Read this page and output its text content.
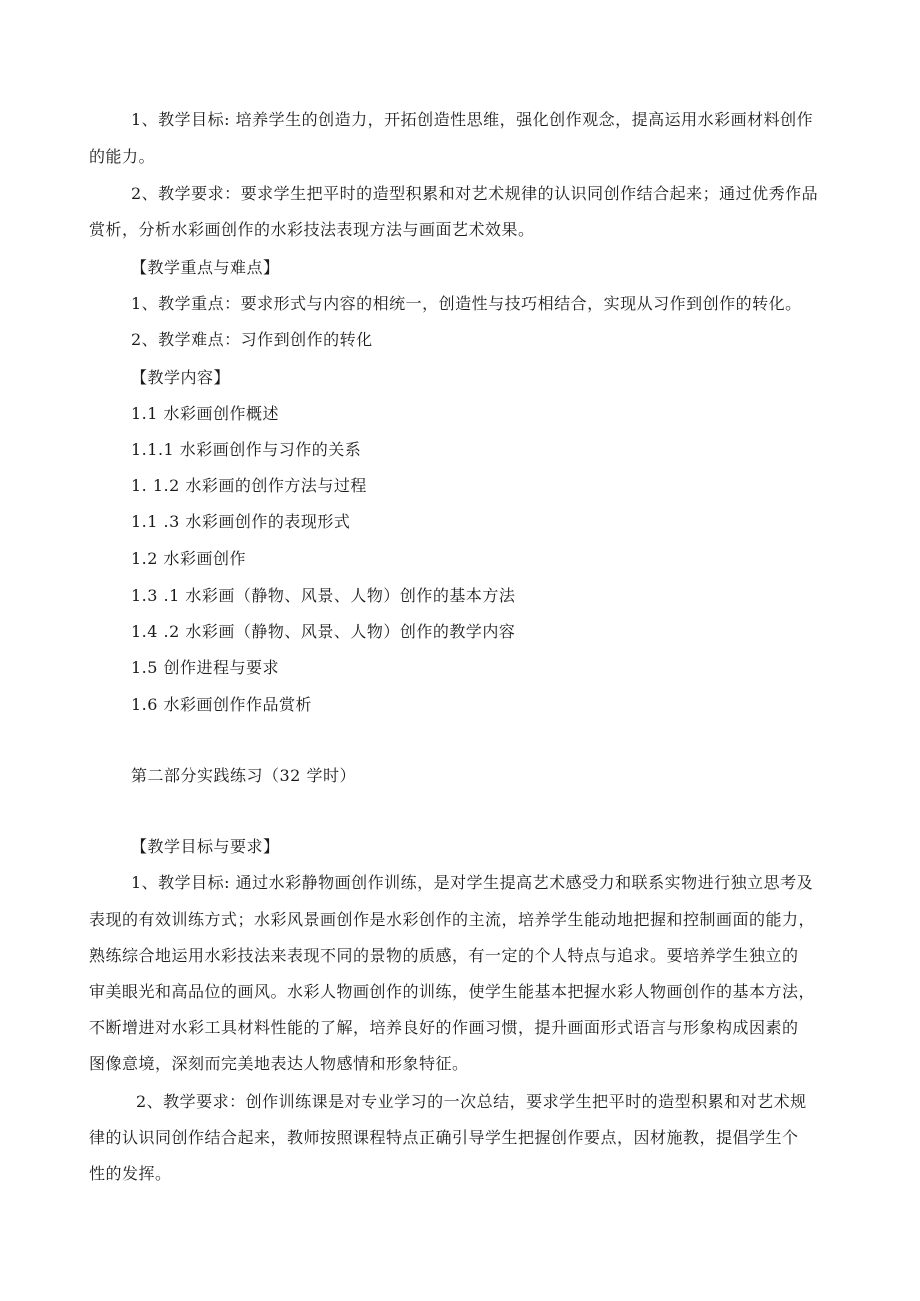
1、教学目标: 培养学生的创造力，开拓创造性思维，强化创作观念，提高运用水彩画材料创作
的能力。
2、教学要求：要求学生把平时的造型积累和对艺术规律的认识同创作结合起来；通过优秀作品
赏析，分析水彩画创作的水彩技法表现方法与画面艺术效果。
【教学重点与难点】
1、教学重点：要求形式与内容的相统一，创造性与技巧相结合，实现从习作到创作的转化。
2、教学难点：习作到创作的转化
【教学内容】
1.1 水彩画创作概述
1.1.1 水彩画创作与习作的关系
1. 1.2 水彩画的创作方法与过程
1.1 .3 水彩画创作的表现形式
1.2 水彩画创作
1.3 .1 水彩画（静物、风景、人物）创作的基本方法
1.4 .2 水彩画（静物、风景、人物）创作的教学内容
1.5 创作进程与要求
1.6 水彩画创作作品赏析
第二部分实践练习（32 学时）
【教学目标与要求】
1、教学目标: 通过水彩静物画创作训练，是对学生提高艺术感受力和联系实物进行独立思考及
表现的有效训练方式；水彩风景画创作是水彩创作的主流，培养学生能动地把握和控制画面的能力，
熟练综合地运用水彩技法来表现不同的景物的质感，有一定的个人特点与追求。要培养学生独立的
审美眼光和高品位的画风。水彩人物画创作的训练，使学生能基本把握水彩人物画创作的基本方法，
不断增进对水彩工具材料性能的了解，培养良好的作画习惯，提升画面形式语言与形象构成因素的
图像意境，深刻而完美地表达人物感情和形象特征。
2、教学要求：创作训练课是对专业学习的一次总结，要求学生把平时的造型积累和对艺术规
律的认识同创作结合起来，教师按照课程特点正确引导学生把握创作要点，因材施教，提倡学生个
性的发挥。
